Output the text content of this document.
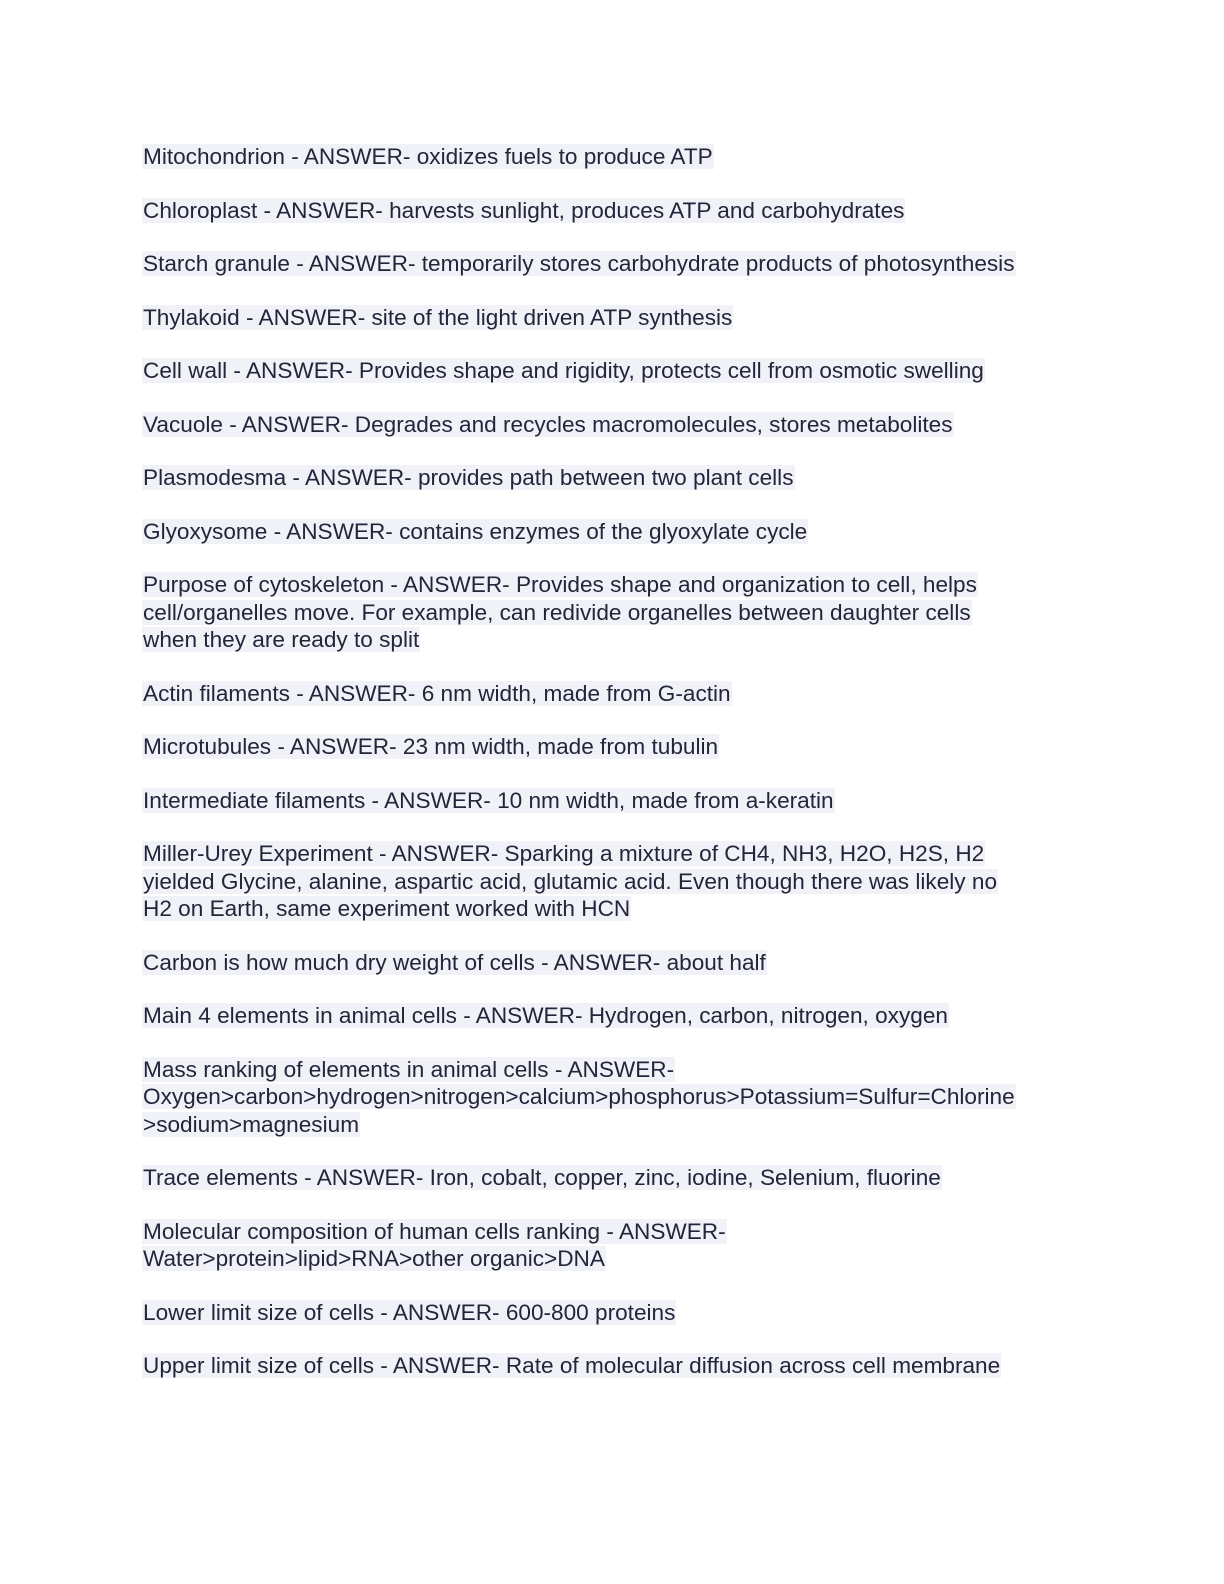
Mitochondrion - ANSWER- oxidizes fuels to produce ATP
Chloroplast - ANSWER- harvests sunlight, produces ATP and carbohydrates
Starch granule - ANSWER- temporarily stores carbohydrate products of photosynthesis
Thylakoid - ANSWER- site of the light driven ATP synthesis
Cell wall - ANSWER- Provides shape and rigidity, protects cell from osmotic swelling
Vacuole - ANSWER- Degrades and recycles macromolecules, stores metabolites
Plasmodesma - ANSWER- provides path between two plant cells
Glyoxysome - ANSWER- contains enzymes of the glyoxylate cycle
Purpose of cytoskeleton - ANSWER- Provides shape and organization to cell, helps
cell/organelles move. For example, can redivide organelles between daughter cells
when they are ready to split
Actin filaments - ANSWER- 6 nm width, made from G-actin
Microtubules - ANSWER- 23 nm width, made from tubulin
Intermediate filaments - ANSWER- 10 nm width, made from a-keratin
Miller-Urey Experiment - ANSWER- Sparking a mixture of CH4, NH3, H2O, H2S, H2
yielded Glycine, alanine, aspartic acid, glutamic acid. Even though there was likely no
H2 on Earth, same experiment worked with HCN
Carbon is how much dry weight of cells - ANSWER- about half
Main 4 elements in animal cells - ANSWER- Hydrogen, carbon, nitrogen, oxygen
Mass ranking of elements in animal cells - ANSWER-
Oxygen>carbon>hydrogen>nitrogen>calcium>phosphorus>Potassium=Sulfur=Chlorine
>sodium>magnesium
Trace elements - ANSWER- Iron, cobalt, copper, zinc, iodine, Selenium, fluorine
Molecular composition of human cells ranking - ANSWER-
Water>protein>lipid>RNA>other organic>DNA
Lower limit size of cells - ANSWER- 600-800 proteins
Upper limit size of cells - ANSWER- Rate of molecular diffusion across cell membrane
